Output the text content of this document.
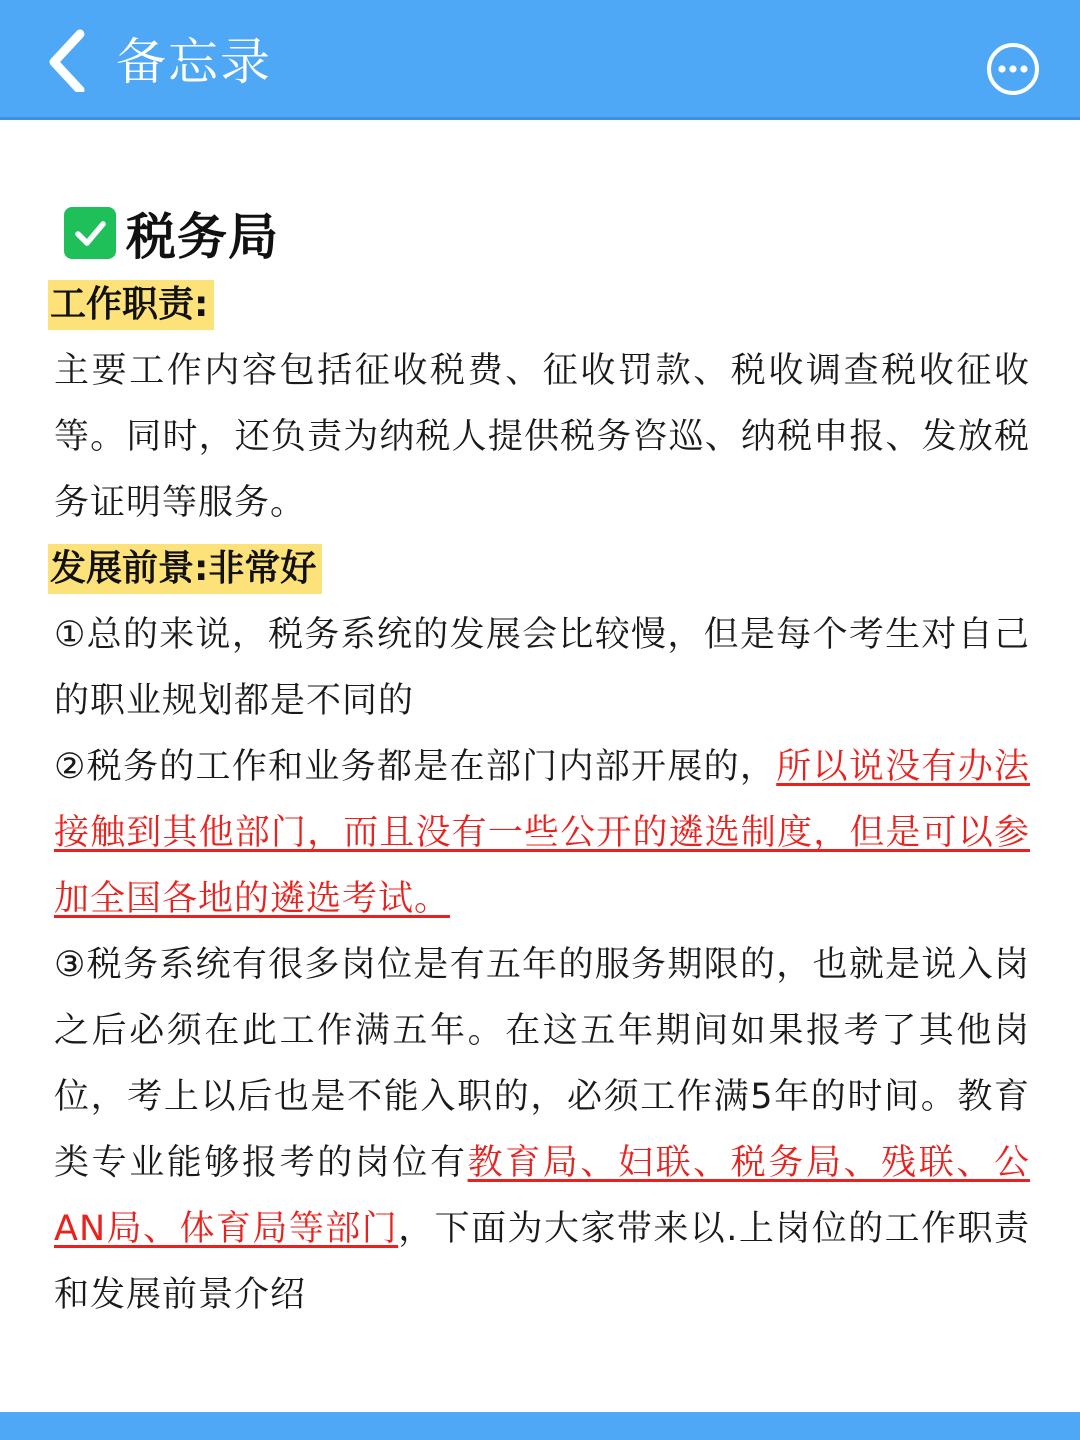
备忘录
税务局
工作职责:
主要工作内容包括征收税费、征收罚款、税收调查税收征收等。同时，还负责为纳税人提供税务咨巡、纳税申报、发放税务证明等服务。
发展前景:非常好
①总的来说，税务系统的发展会比较慢，但是每个考生对自己的职业规划都是不同的
②税务的工作和业务都是在部门内部开展的，所以说没有办法接触到其他部门，而且没有一些公开的遴选制度，但是可以参加全国各地的遴选考试。
③税务系统有很多岗位是有五年的服务期限的，也就是说入岗之后必须在此工作满五年。在这五年期间如果报考了其他岗位，考上以后也是不能入职的，必须工作满5年的时间。教育类专业能够报考的岗位有教育局、妇联、税务局、残联、公AN局、体育局等部门，下面为大家带来以.上岗位的工作职责和发展前景介绍
